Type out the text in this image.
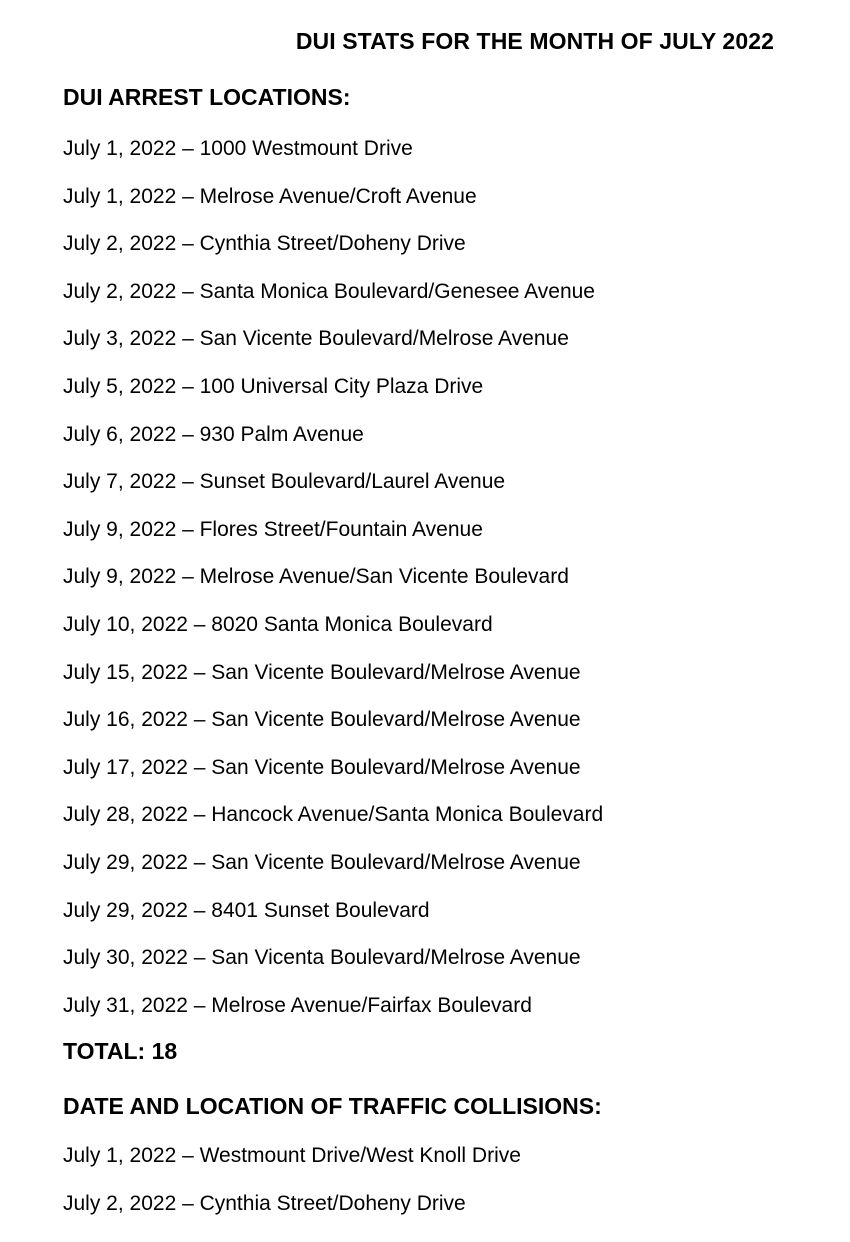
DUI STATS FOR THE MONTH OF JULY 2022
DUI ARREST LOCATIONS:
July 1, 2022 – 1000 Westmount Drive
July 1, 2022 – Melrose Avenue/Croft Avenue
July 2, 2022 – Cynthia Street/Doheny Drive
July 2, 2022 – Santa Monica Boulevard/Genesee Avenue
July 3, 2022 – San Vicente Boulevard/Melrose Avenue
July 5, 2022 – 100 Universal City Plaza Drive
July 6, 2022 – 930 Palm Avenue
July 7, 2022 – Sunset Boulevard/Laurel Avenue
July 9, 2022 – Flores Street/Fountain Avenue
July 9, 2022 – Melrose Avenue/San Vicente Boulevard
July 10, 2022 – 8020 Santa Monica Boulevard
July 15, 2022 – San Vicente Boulevard/Melrose Avenue
July 16, 2022 – San Vicente Boulevard/Melrose Avenue
July 17, 2022 – San Vicente Boulevard/Melrose Avenue
July 28, 2022 – Hancock Avenue/Santa Monica Boulevard
July 29, 2022 – San Vicente Boulevard/Melrose Avenue
July 29, 2022 – 8401 Sunset Boulevard
July 30, 2022 – San Vicenta Boulevard/Melrose Avenue
July 31, 2022 – Melrose Avenue/Fairfax Boulevard
TOTAL: 18
DATE AND LOCATION OF TRAFFIC COLLISIONS:
July 1, 2022 – Westmount Drive/West Knoll Drive
July 2, 2022 – Cynthia Street/Doheny Drive
